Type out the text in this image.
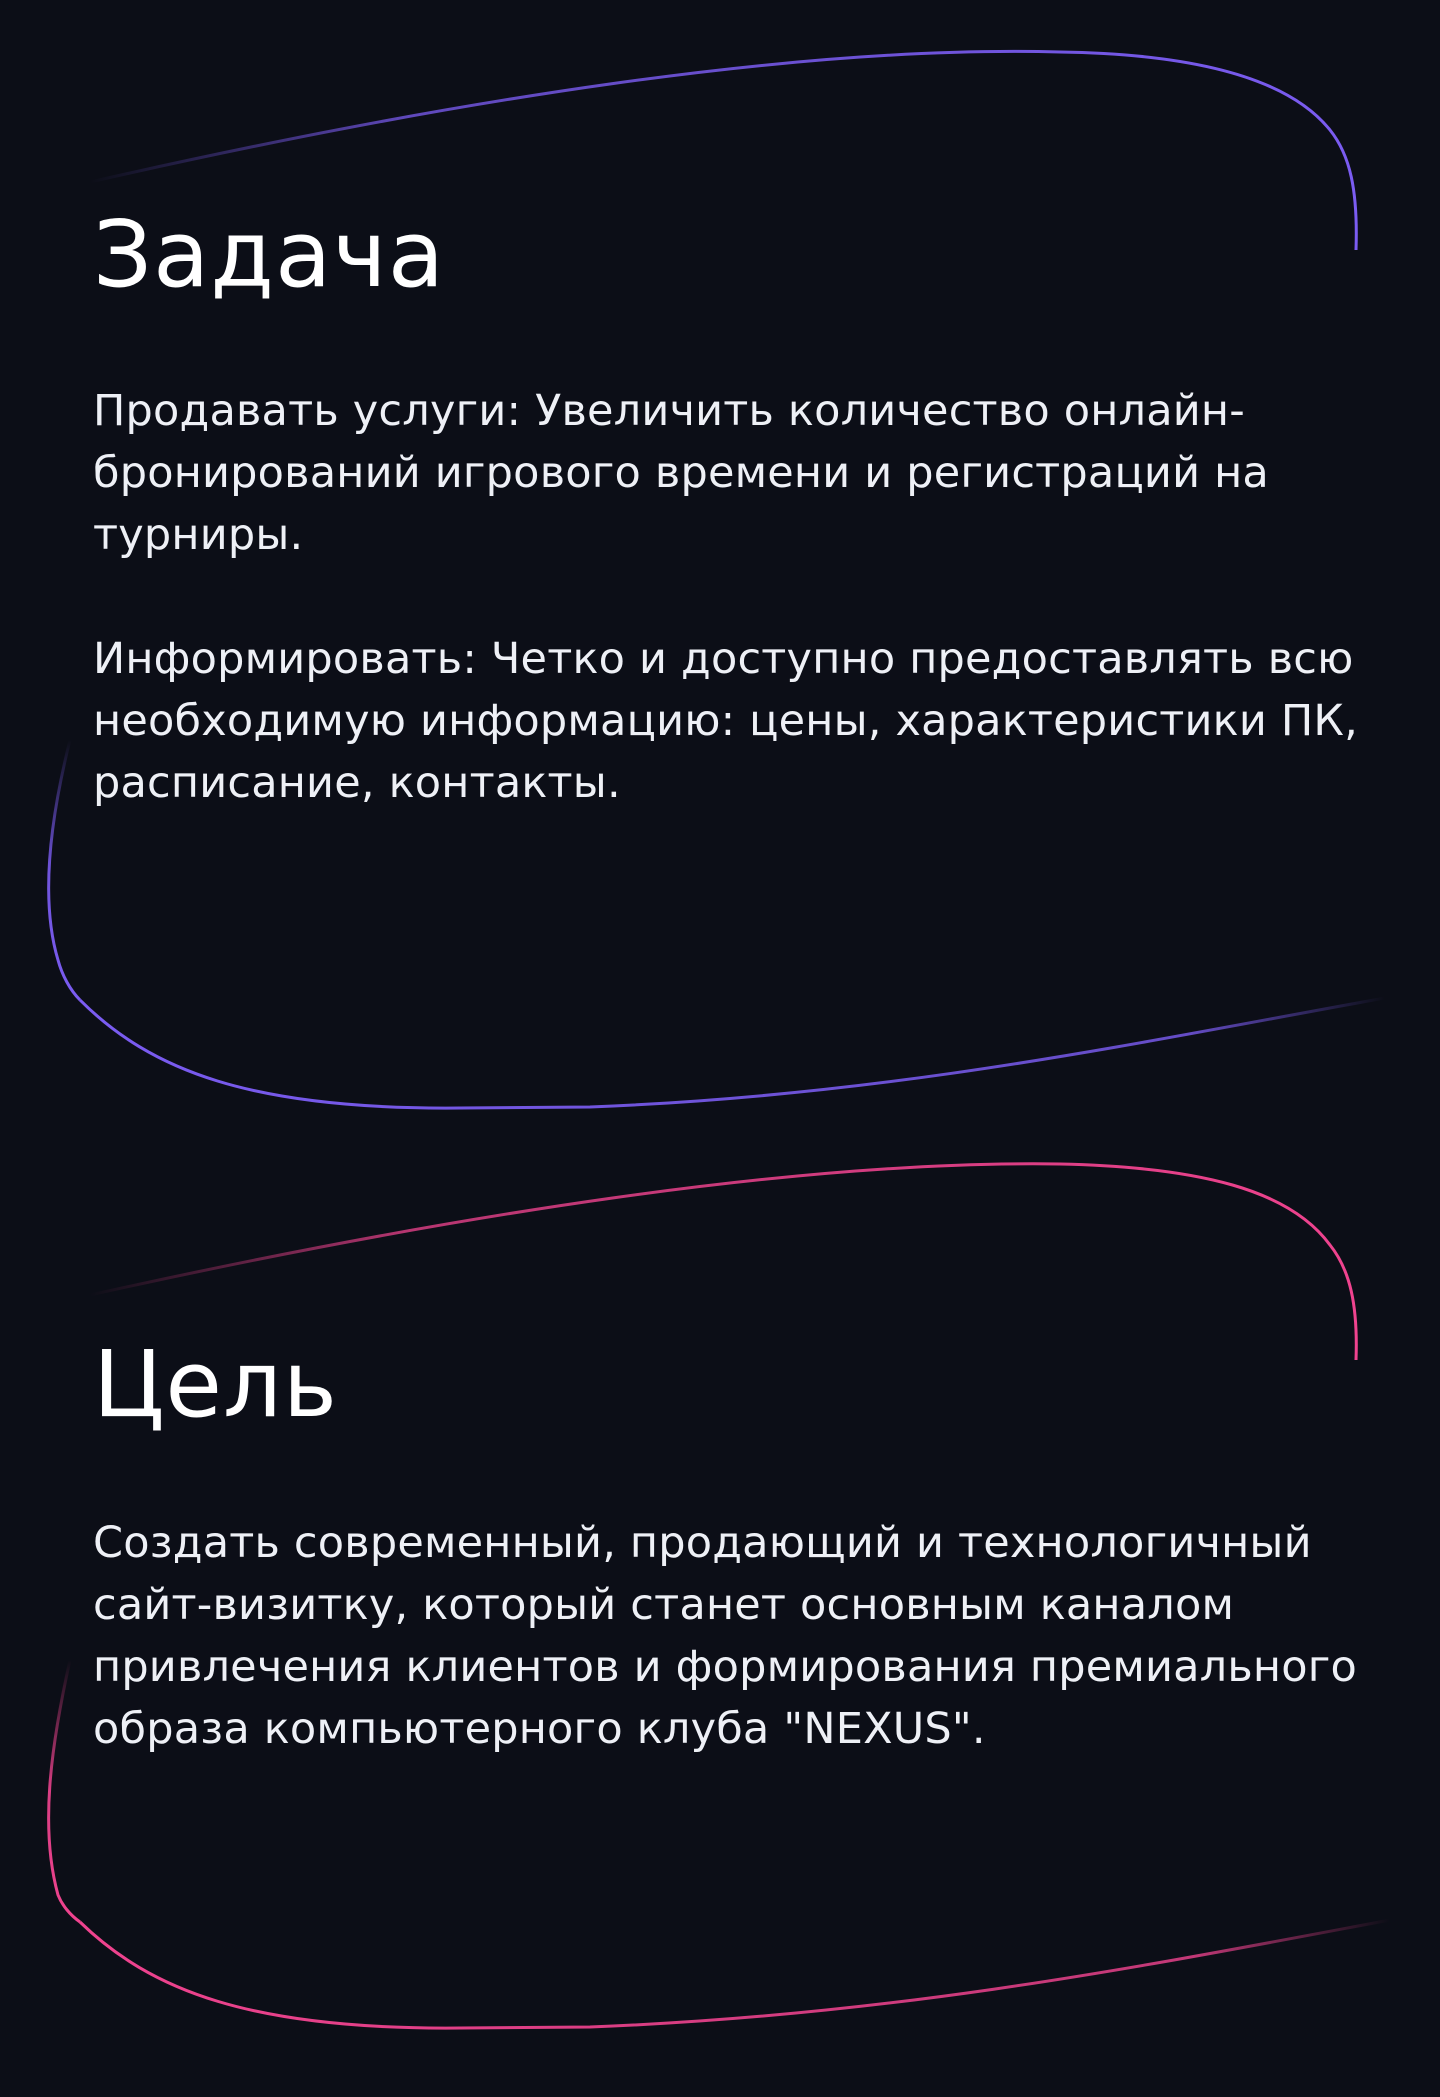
Задача

Продавать услуги: Увеличить количество онлайн-бронирований игрового времени и регистраций на турниры.

Информировать: Четко и доступно предоставлять всю необходимую информацию: цены, характеристики ПК, расписание, контакты.

Цель

Создать современный, продающий и технологичный сайт-визитку, который станет основным каналом привлечения клиентов и формирования премиального образа компьютерного клуба "NEXUS".
